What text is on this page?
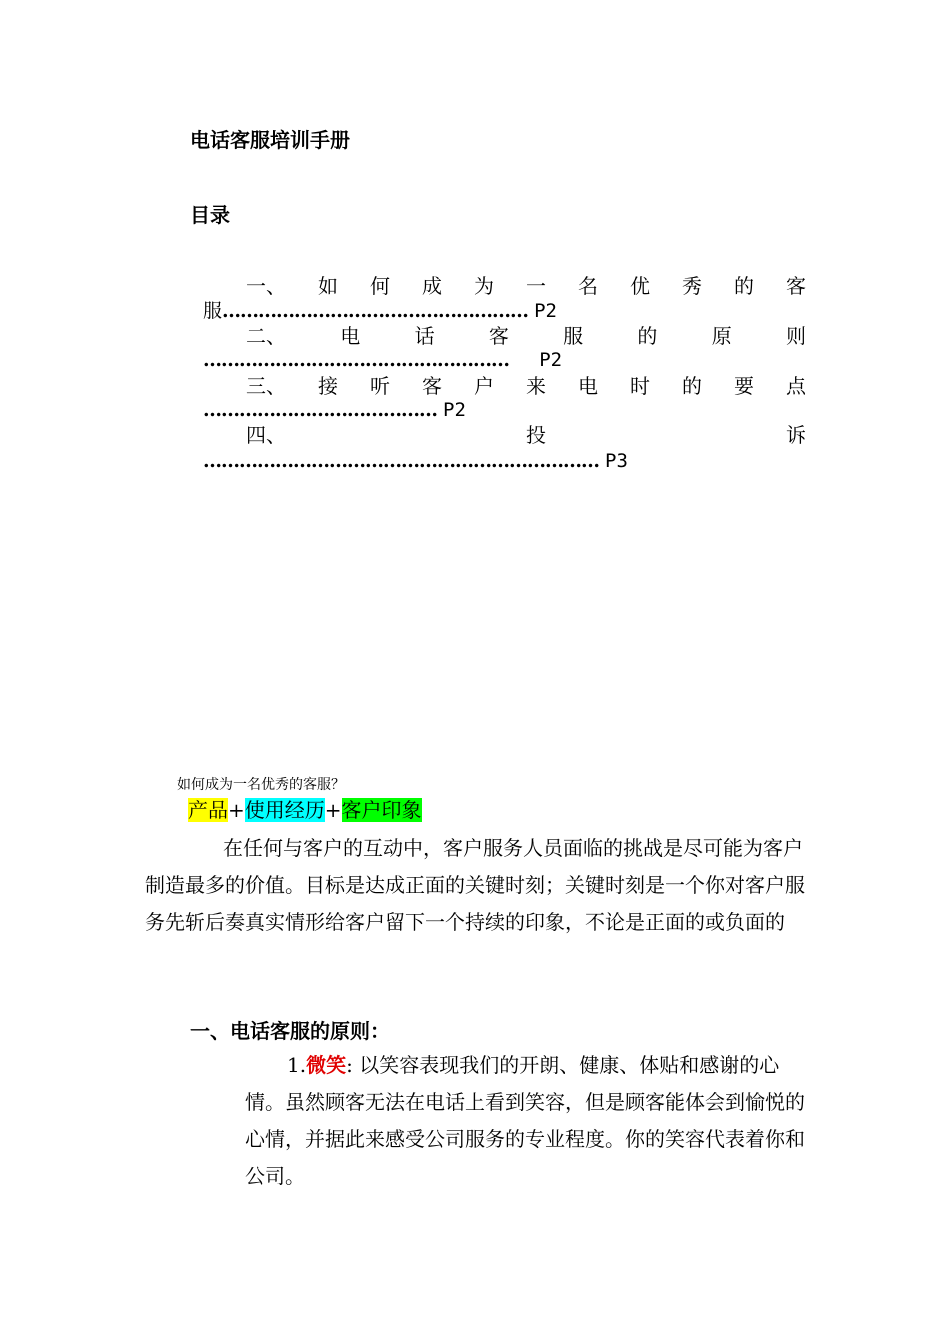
电话客服培训手册
目录
一、 如 何 成 为 一 名 优 秀 的 客
服…………………………………………… P2
二、	电	话	客	服	的	原	则
…………………………………………… P2
三、 接 听 客 户 来 电 时 的 要 点
………………………………… P2
四、	投	诉
………………………………………………………… P3
如何成为一名优秀的客服？
产品+使用经历+客户印象

在任何与客户的互动中，客户服务人员面临的挑战是尽可能为客户制造最多的价值。目标是达成正面的关键时刻；关键时刻是一个你对客户服务先斩后奏真实情形给客户留下一个持续的印象，不论是正面的或负面的

一、电话客服的原则：

1.微笑: 以笑容表现我们的开朗、健康、体贴和感谢的心情。虽然顾客无法在电话上看到笑容，但是顾客能体会到愉悦的心情，并据此来感受公司服务的专业程度。你的笑容代表着你和公司。
